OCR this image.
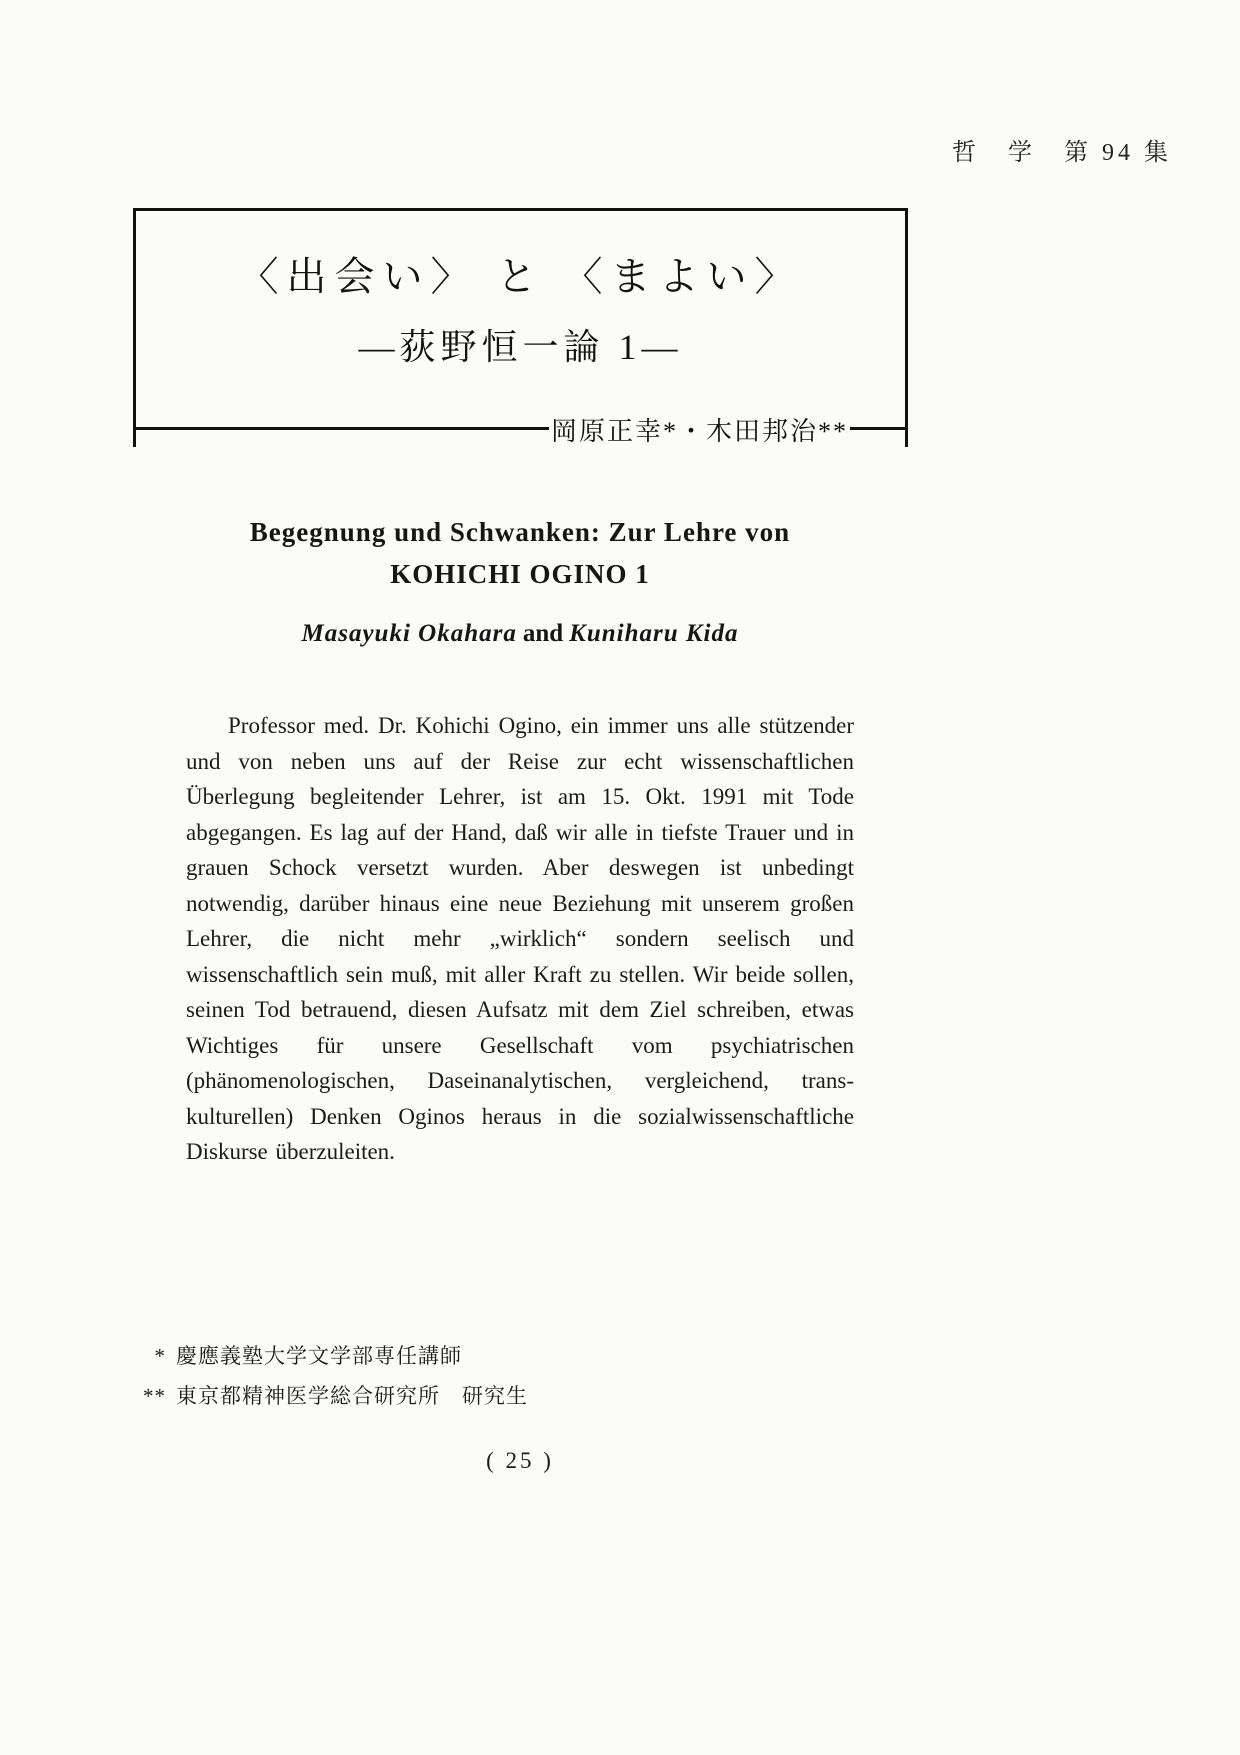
哲　学　第 94 集
〈出会い〉 と 〈まよい〉
―荻野恒一論 1―
岡原正幸*・木田邦治**
Begegnung und Schwanken: Zur Lehre von
KOHICHI OGINO 1
Masayuki Okahara and Kuniharu Kida
Professor med. Dr. Kohichi Ogino, ein immer uns alle stützender und von neben uns auf der Reise zur echt wissenschaftlichen Überlegung begleitender Lehrer, ist am 15. Okt. 1991 mit Tode abgegangen. Es lag auf der Hand, daß wir alle in tiefste Trauer und in grauen Schock versetzt wurden. Aber deswegen ist unbedingt notwendig, darüber hinaus eine neue Beziehung mit unserem großen Lehrer, die nicht mehr „wirklich“ sondern seelisch und wissenschaftlich sein muß, mit aller Kraft zu stellen. Wir beide sollen, seinen Tod betrauend, diesen Aufsatz mit dem Ziel schreiben, etwas Wichtiges für unsere Gesellschaft vom psychiatrischen (phänomenologischen, Daseinanalytischen, vergleichend, trans-kulturellen) Denken Oginos heraus in die sozialwissenschaftliche Diskurse überzuleiten.
* 慶應義塾大学文学部専任講師
** 東京都精神医学総合研究所　研究生
( 25 )
